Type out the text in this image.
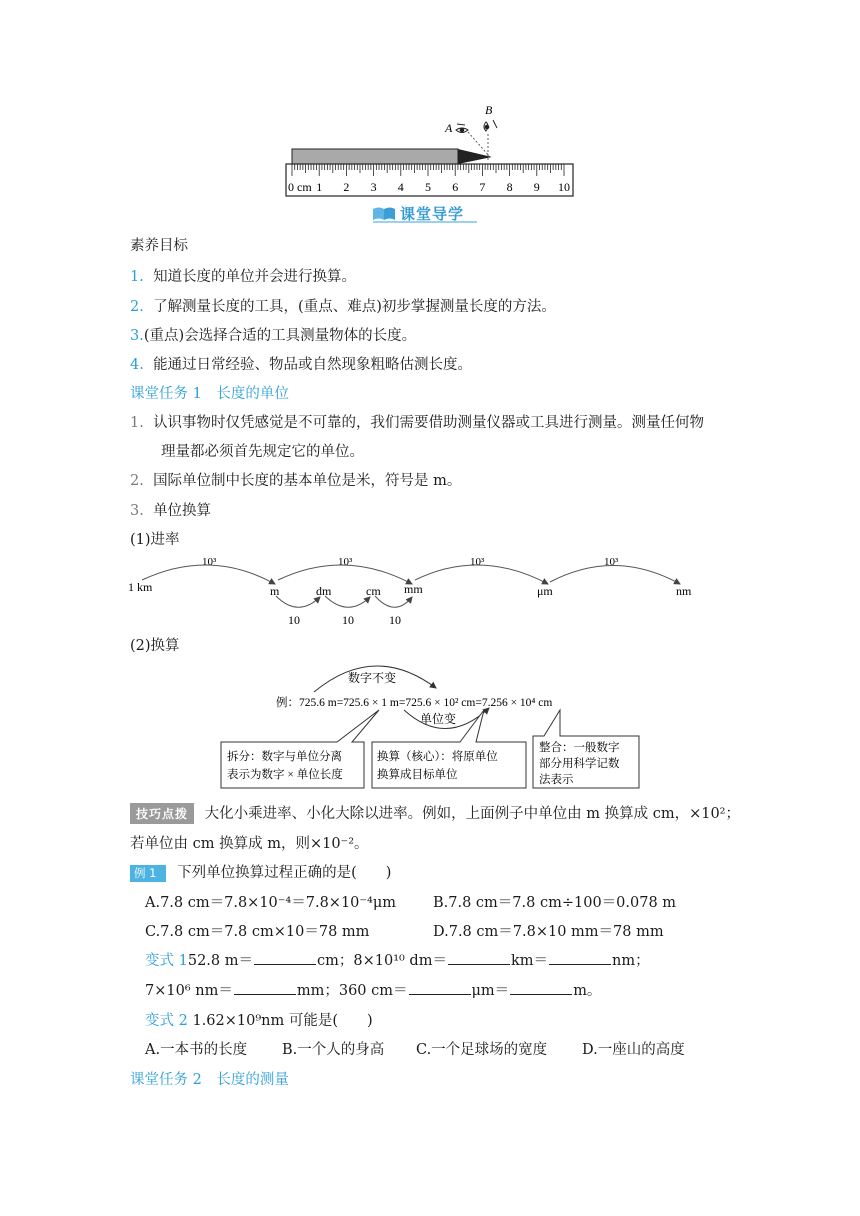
B
A
0 cm 1 2 3 4 5 6 7 8 9 10
课堂导学
素养目标
1. 知道长度的单位并会进行换算。
2. 了解测量长度的工具，(重点、难点)初步掌握测量长度的方法。
3.(重点)会选择合适的工具测量物体的长度。
4. 能通过日常经验、物品或自然现象粗略估测长度。
课堂任务 1　长度的单位
1. 认识事物时仅凭感觉是不可靠的，我们需要借助测量仪器或工具进行测量。测量任何物
理量都必须首先规定它的单位。
2. 国际单位制中长度的基本单位是米，符号是 m。
3. 单位换算
(1)进率
10³	10³	10³	10³
10	10	10
1 km	m	dm	cm mm	μm	nm
(2)换算
数字不变
例：725.6 m=725.6 × 1 m=725.6 × 10² cm=7.256 × 10⁴ cm
单位变
拆分：数字与单位分离
表示为数字 × 单位长度
换算（核心）：将原单位
换算成目标单位
整合：一般数字
部分用科学记数
法表示
技巧点拨 大化小乘进率、小化大除以进率。例如，上面例子中单位由 m 换算成 cm，×10²；
若单位由 cm 换算成 m，则×10⁻²。
例 1 下列单位换算过程正确的是(　　)
A.7.8 cm＝7.8×10⁻⁴＝7.8×10⁻⁴μm	B.7.8 cm＝7.8 cm÷100＝0.078 m
C.7.8 cm＝7.8 cm×10＝78 mm	D.7.8 cm＝7.8×10 mm＝78 mm
变式 152.8 m＝	cm；8×10¹⁰ dm＝	km＝	nm；
7×10⁶ nm＝	mm；360 cm＝	μm＝	m。
变式 2 1.62×10⁹nm 可能是(　　)
A.一本书的长度 B.一个人的身高 C.一个足球场的宽度 D.一座山的高度
课堂任务 2　长度的测量
